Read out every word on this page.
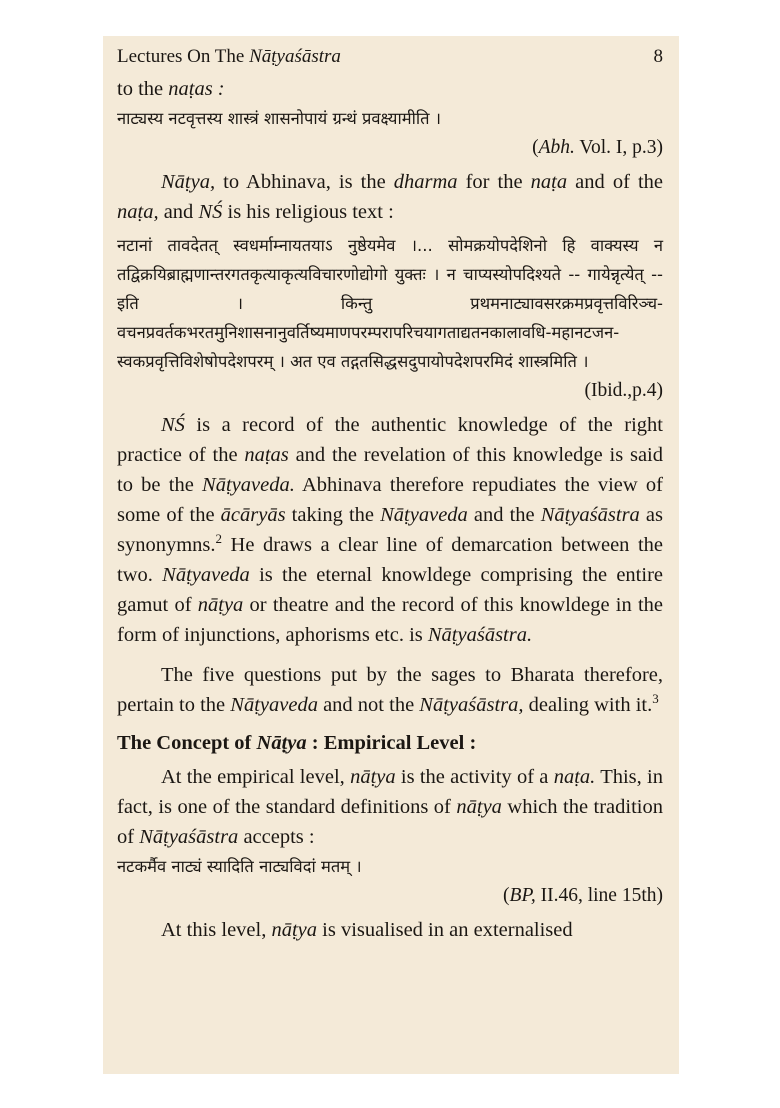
Lectures On The Nāṭyaśāstra	8

to the naṭas :

नाट्यस्य नटवृत्तस्य शास्त्रं शासनोपायं ग्रन्थं प्रवक्ष्यामीति ।

(Abh. Vol. I, p.3)

Nāṭya, to Abhinava, is the dharma for the naṭa and of the naṭa, and NŚ is his religious text :

नटानां तावदेतत् स्वधर्माम्नायतयाऽ नुष्ठेयमेव ।... सोमक्रयोपदेशिनो हि वाक्यस्य न तद्विक्रयिब्राह्मणान्तरगतकृत्याकृत्यविचारणोद्योगो युक्तः । न चाप्यस्योपदिश्यते -- गायेन्नृत्येत् -- इति । किन्तु प्रथमनाट्यावसरक्रमप्रवृत्तविरिञ्च-वचनप्रवर्तकभरतमुनिशासनानुवर्तिष्यमाणपरम्परापरिचयागताद्यतनकालावधि-महानटजन- स्वकप्रवृत्तिविशेषोपदेशपरम् । अत एव तद्गतसिद्धसदुपायोपदेशपरमिदं शास्त्रमिति ।

(Ibid.,p.4)

NŚ is a record of the authentic knowledge of the right practice of the naṭas and the revelation of this knowledge is said to be the Nāṭyaveda. Abhinava therefore repudiates the view of some of the ācāryās taking the Nāṭyaveda and the Nāṭyaśāstra as synonymns.$^2$ He draws a clear line of demarcation between the two. Nāṭyaveda is the eternal knowldege comprising the entire gamut of nāṭya or theatre and the record of this knowldege in the form of injunctions, aphorisms etc. is Nāṭyaśāstra.

The five questions put by the sages to Bharata therefore, pertain to the Nāṭyaveda and not the Nāṭyaśāstra, dealing with it.$^3$

The Concept of Nāṭya : Empirical Level :

At the empirical level, nāṭya is the activity of a naṭa. This, in fact, is one of the standard definitions of nāṭya which the tradition of Nāṭyaśāstra accepts :

नटकर्मैव नाट्यं स्यादिति नाट्यविदां मतम् ।

(BP, II.46, line 15th)

At this level, nāṭya is visualised in an externalised
